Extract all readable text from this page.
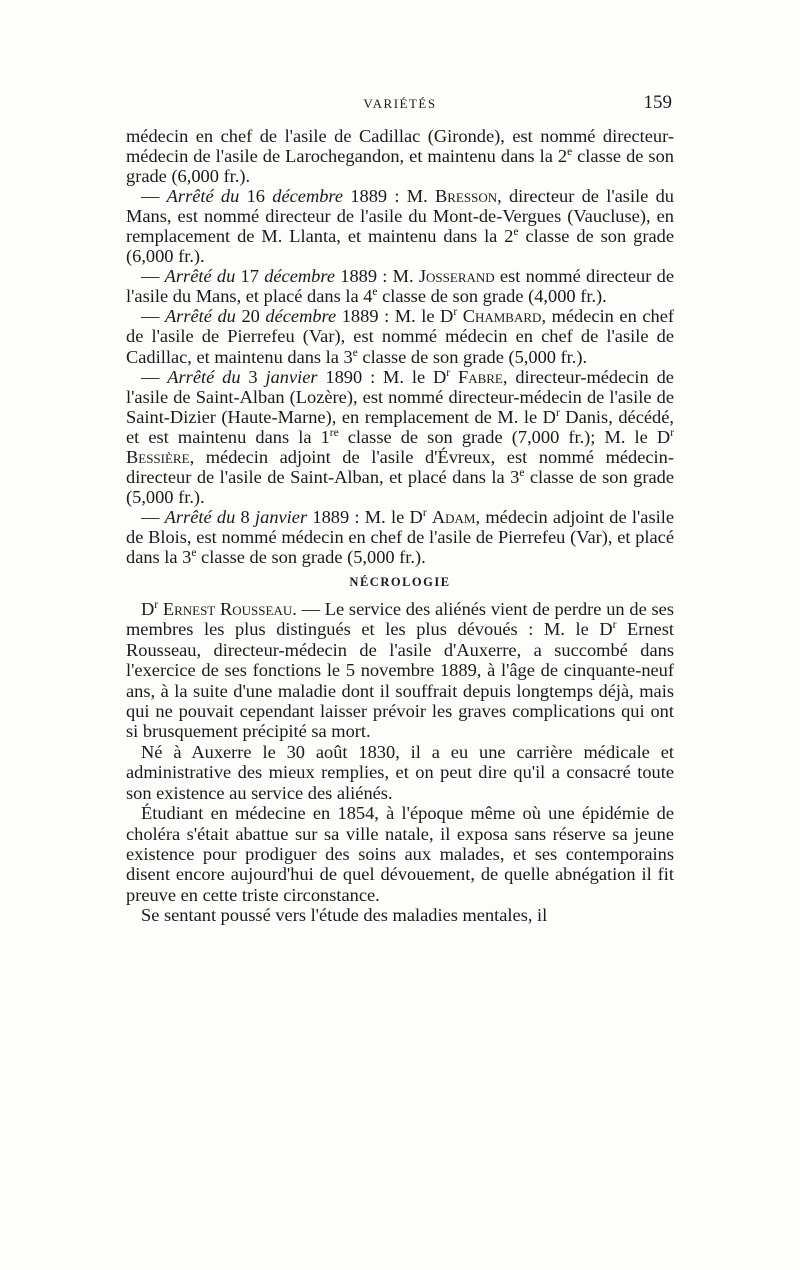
VARIÉTÉS	159

médecin en chef de l'asile de Cadillac (Gironde), est nommé directeur-médecin de l'asile de Larochegandon, et maintenu dans la 2e classe de son grade (6,000 fr.).

— Arrêté du 16 décembre 1889 : M. Bresson, directeur de l'asile du Mans, est nommé directeur de l'asile du Mont-de-Vergues (Vaucluse), en remplacement de M. Llanta, et maintenu dans la 2e classe de son grade (6,000 fr.).

— Arrêté du 17 décembre 1889 : M. Josserand est nommé directeur de l'asile du Mans, et placé dans la 4e classe de son grade (4,000 fr.).

— Arrêté du 20 décembre 1889 : M. le $D^r$ Chambard, médecin en chef de l'asile de Pierrefeu (Var), est nommé médecin en chef de l'asile de Cadillac, et maintenu dans la 3e classe de son grade (5,000 fr.).

— Arrêté du 3 janvier 1890 : M. le $D^r$ Fabre, directeur-médecin de l'asile de Saint-Alban (Lozère), est nommé directeur-médecin de l'asile de Saint-Dizier (Haute-Marne), en remplacement de M. le $D^r$ Danis, décédé, et est maintenu dans la 1re classe de son grade (7,000 fr.); M. le $D^r$ Bessière, médecin adjoint de l'asile d'Évreux, est nommé médecin-directeur de l'asile de Saint-Alban, et placé dans la 3e classe de son grade (5,000 fr.).

— Arrêté du 8 janvier 1889 : M. le $D^r$ Adam, médecin adjoint de l'asile de Blois, est nommé médecin en chef de l'asile de Pierrefeu (Var), et placé dans la 3e classe de son grade (5,000 fr.).

NÉCROLOGIE

$D^r$ Ernest Rousseau. — Le service des aliénés vient de perdre un de ses membres les plus distingués et les plus dévoués : M. le $D^r$ Ernest Rousseau, directeur-médecin de l'asile d'Auxerre, a succombé dans l'exercice de ses fonctions le 5 novembre 1889, à l'âge de cinquante-neuf ans, à la suite d'une maladie dont il souffrait depuis longtemps déjà, mais qui ne pouvait cependant laisser prévoir les graves complications qui ont si brusquement précipité sa mort.

Né à Auxerre le 30 août 1830, il a eu une carrière médicale et administrative des mieux remplies, et on peut dire qu'il a consacré toute son existence au service des aliénés.

Étudiant en médecine en 1854, à l'époque même où une épidémie de choléra s'était abattue sur sa ville natale, il exposa sans réserve sa jeune existence pour prodiguer des soins aux malades, et ses contemporains disent encore aujourd'hui de quel dévouement, de quelle abnégation il fit preuve en cette triste circonstance.

Se sentant poussé vers l'étude des maladies mentales, il
